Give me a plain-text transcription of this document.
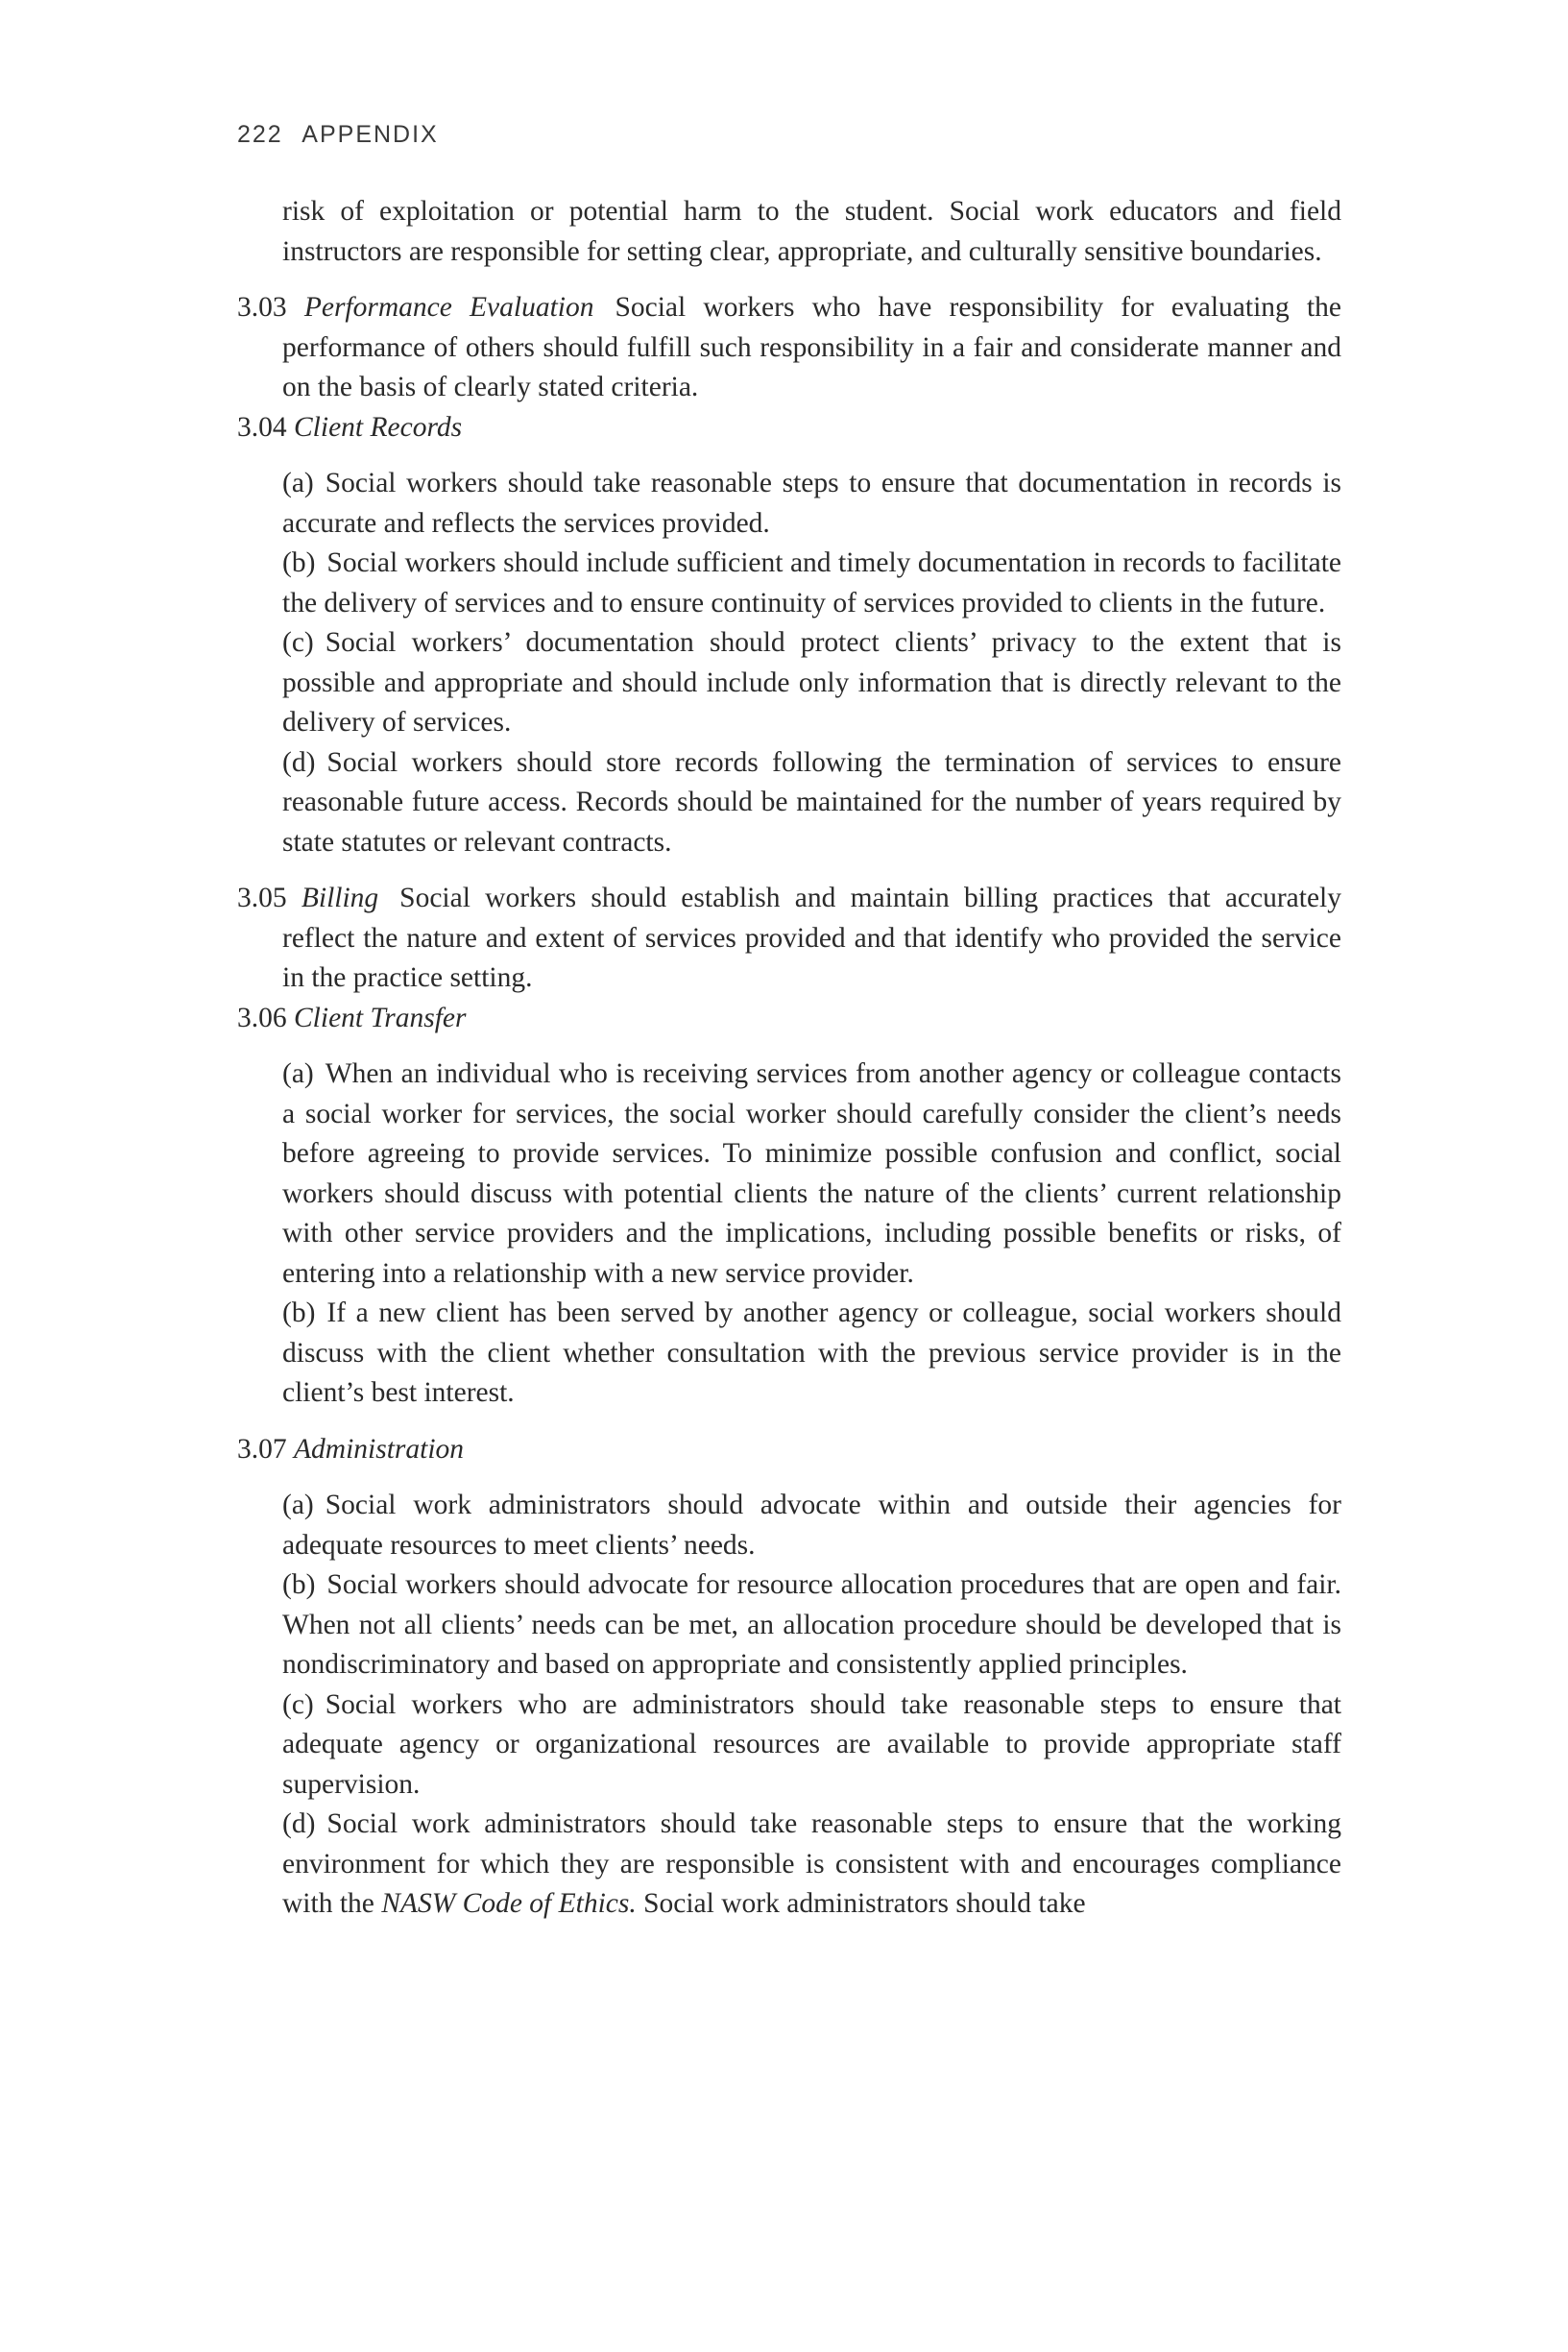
222 APPENDIX

risk of exploitation or potential harm to the student. Social work educators and field instructors are responsible for setting clear, appropriate, and culturally sensitive boundaries.

3.03 Performance Evaluation Social workers who have responsibility for evaluating the performance of others should fulfill such responsibility in a fair and considerate manner and on the basis of clearly stated criteria.

3.04 Client Records

(a) Social workers should take reasonable steps to ensure that documentation in records is accurate and reflects the services provided.

(b) Social workers should include sufficient and timely documentation in records to facilitate the delivery of services and to ensure continuity of services provided to clients in the future.

(c) Social workers’ documentation should protect clients’ privacy to the extent that is possible and appropriate and should include only information that is directly relevant to the delivery of services.

(d) Social workers should store records following the termination of services to ensure reasonable future access. Records should be maintained for the number of years required by state statutes or relevant contracts.

3.05 Billing Social workers should establish and maintain billing practices that accurately reflect the nature and extent of services provided and that identify who provided the service in the practice setting.

3.06 Client Transfer

(a) When an individual who is receiving services from another agency or colleague contacts a social worker for services, the social worker should carefully consider the client’s needs before agreeing to provide services. To minimize possible confusion and conflict, social workers should discuss with potential clients the nature of the clients’ current relationship with other service providers and the implications, including possible benefits or risks, of entering into a relationship with a new service provider.

(b) If a new client has been served by another agency or colleague, social workers should discuss with the client whether consultation with the previous service provider is in the client’s best interest.

3.07 Administration

(a) Social work administrators should advocate within and outside their agencies for adequate resources to meet clients’ needs.

(b) Social workers should advocate for resource allocation procedures that are open and fair. When not all clients’ needs can be met, an allocation procedure should be developed that is nondiscriminatory and based on appropriate and consistently applied principles.

(c) Social workers who are administrators should take reasonable steps to ensure that adequate agency or organizational resources are available to provide appropriate staff supervision.

(d) Social work administrators should take reasonable steps to ensure that the working environment for which they are responsible is consistent with and encourages compliance with the NASW Code of Ethics. Social work administrators should take
